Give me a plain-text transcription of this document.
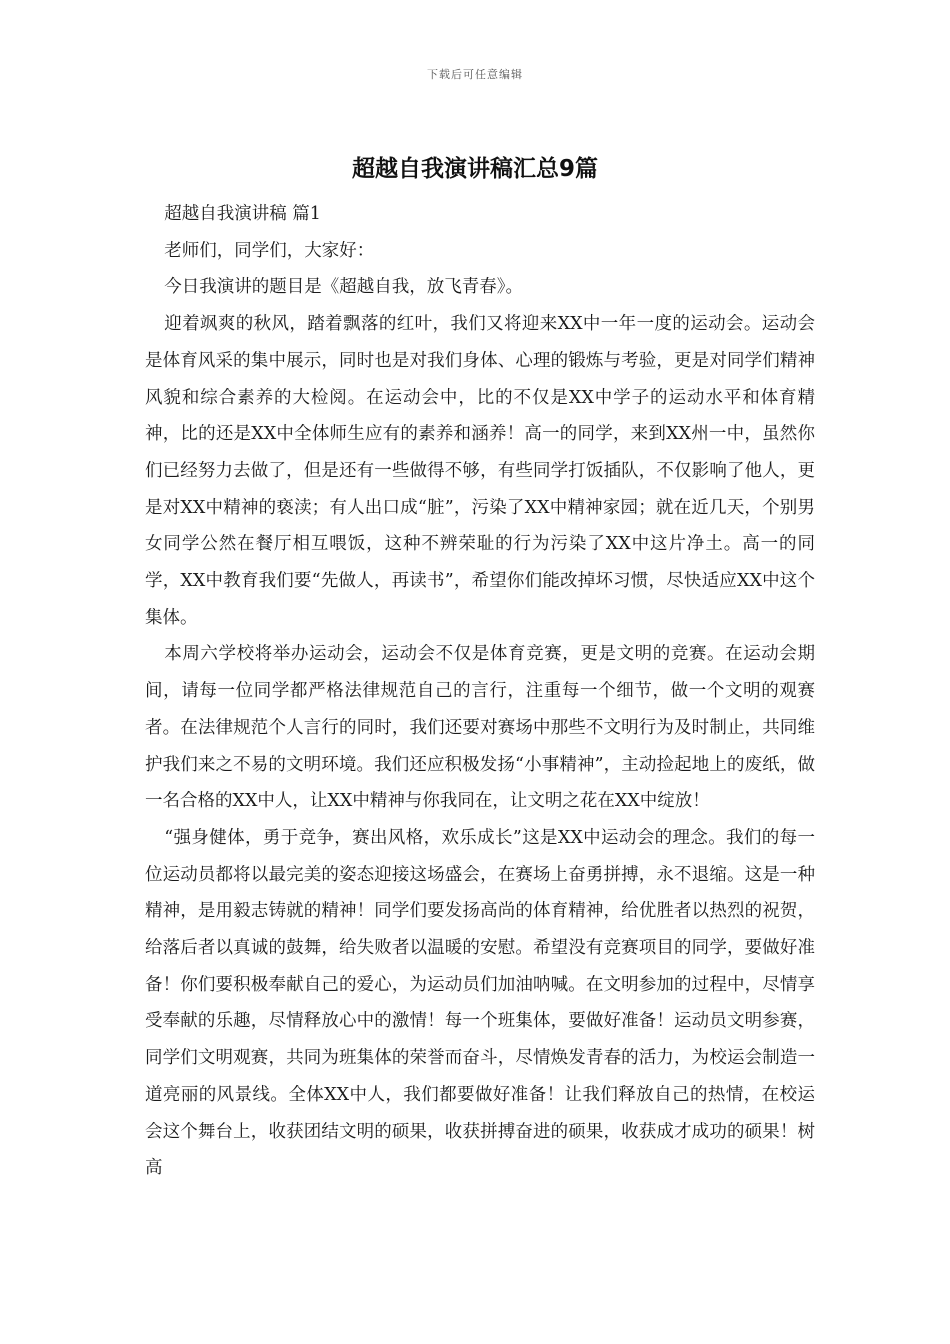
下载后可任意编辑
超越自我演讲稿汇总9篇

超越自我演讲稿 篇1

老师们，同学们，大家好：

今日我演讲的题目是《超越自我，放飞青春》。

迎着飒爽的秋风，踏着飘落的红叶，我们又将迎来XX中一年一度的运动会。运动会是体育风采的集中展示，同时也是对我们身体、心理的锻炼与考验，更是对同学们精神风貌和综合素养的大检阅。在运动会中，比的不仅是XX中学子的运动水平和体育精神，比的还是XX中全体师生应有的素养和涵养！高一的同学，来到XX州一中，虽然你们已经努力去做了，但是还有一些做得不够，有些同学打饭插队，不仅影响了他人，更是对XX中精神的亵渎；有人出口成“脏”，污染了XX中精神家园；就在近几天，个别男女同学公然在餐厅相互喂饭，这种不辨荣耻的行为污染了XX中这片净土。高一的同学，XX中教育我们要“先做人，再读书”，希望你们能改掉坏习惯，尽快适应XX中这个集体。

本周六学校将举办运动会，运动会不仅是体育竞赛，更是文明的竞赛。在运动会期间，请每一位同学都严格法律规范自己的言行，注重每一个细节，做一个文明的观赛者。在法律规范个人言行的同时，我们还要对赛场中那些不文明行为及时制止，共同维护我们来之不易的文明环境。我们还应积极发扬“小事精神”，主动捡起地上的废纸，做一名合格的XX中人，让XX中精神与你我同在，让文明之花在XX中绽放！

“强身健体，勇于竞争，赛出风格，欢乐成长”这是XX中运动会的理念。我们的每一位运动员都将以最完美的姿态迎接这场盛会，在赛场上奋勇拼搏，永不退缩。这是一种精神，是用毅志铸就的精神！同学们要发扬高尚的体育精神，给优胜者以热烈的祝贺，给落后者以真诚的鼓舞，给失败者以温暖的安慰。希望没有竞赛项目的同学，要做好准备！你们要积极奉献自己的爱心，为运动员们加油呐喊。在文明参加的过程中，尽情享受奉献的乐趣，尽情释放心中的激情！每一个班集体，要做好准备！运动员文明参赛，同学们文明观赛，共同为班集体的荣誉而奋斗，尽情焕发青春的活力，为校运会制造一道亮丽的风景线。全体XX中人，我们都要做好准备！让我们释放自己的热情，在校运会这个舞台上，收获团结文明的硕果，收获拼搏奋进的硕果，收获成才成功的硕果！树高
